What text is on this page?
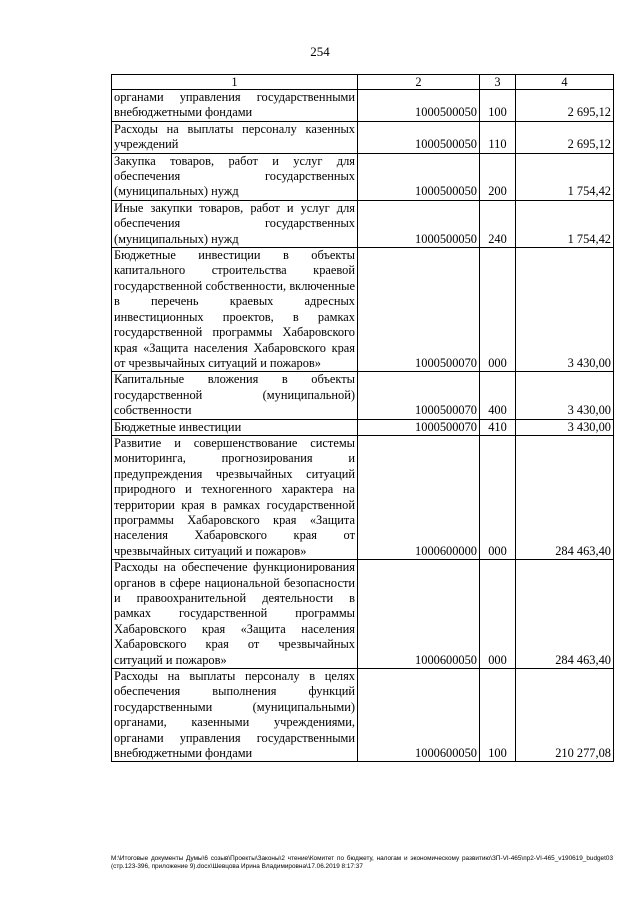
254
1	2	3	4
органами управления государственными внебюджетными фондами	1000500050	100	2 695,12
Расходы на выплаты персоналу казенных учреждений	1000500050	110	2 695,12
Закупка товаров, работ и услуг для обеспечения государственных (муниципальных) нужд	1000500050	200	1 754,42
Иные закупки товаров, работ и услуг для обеспечения государственных (муниципальных) нужд	1000500050	240	1 754,42
Бюджетные инвестиции в объекты капитального строительства краевой государственной собственности, включенные в перечень краевых адресных инвестиционных проектов, в рамках государственной программы Хабаровского края «Защита населения Хабаровского края от чрезвычайных ситуаций и пожаров»	1000500070	000	3 430,00
Капитальные вложения в объекты государственной (муниципальной) собственности	1000500070	400	3 430,00
Бюджетные инвестиции	1000500070	410	3 430,00
Развитие и совершенствование системы мониторинга, прогнозирования и предупреждения чрезвычайных ситуаций природного и техногенного характера на территории края в рамках государственной программы Хабаровского края «Защита населения Хабаровского края от чрезвычайных ситуаций и пожаров»	1000600000	000	284 463,40
Расходы на обеспечение функционирования органов в сфере национальной безопасности и правоохранительной деятельности в рамках государственной программы Хабаровского края «Защита населения Хабаровского края от чрезвычайных ситуаций и пожаров»	1000600050	000	284 463,40
Расходы на выплаты персоналу в целях обеспечения выполнения функций государственными (муниципальными) органами, казенными учреждениями, органами управления государственными внебюджетными фондами	1000600050	100	210 277,08
M:\Итоговые документы Думы\6 созыв\Проекты\Законы\2 чтение\Комитет по бюджету, налогам и экономическому развитию\ЗП-VI-465\пр2-VI-465_v190619_budget03 (стр.123-396, приложение 9).docx\Шевцова Ирина Владимировна\17.06.2019 8:17:37
